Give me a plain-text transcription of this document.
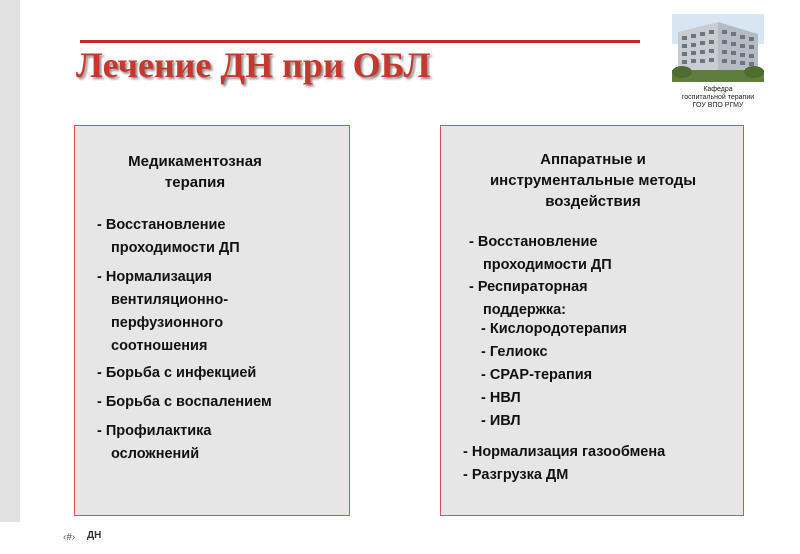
Лечение ДН при ОБЛ
Кафедра
госпитальной терапии
ГОУ ВПО РГМУ
Медикаментозная
терапия
- Восстановление
проходимости ДП
- Нормализация
вентиляционно-
перфузионного
соотношения
- Борьба с инфекцией
- Борьба с воспалением
- Профилактика
осложнений
Аппаратные и
инструментальные методы
воздействия
- Восстановление
проходимости ДП
- Респираторная
поддержка:
- Кислородотерапия
- Гелиокс
- CPAP-терапия
- НВЛ
- ИВЛ
- Нормализация газообмена
- Разгрузка ДМ
‹#› ДН
